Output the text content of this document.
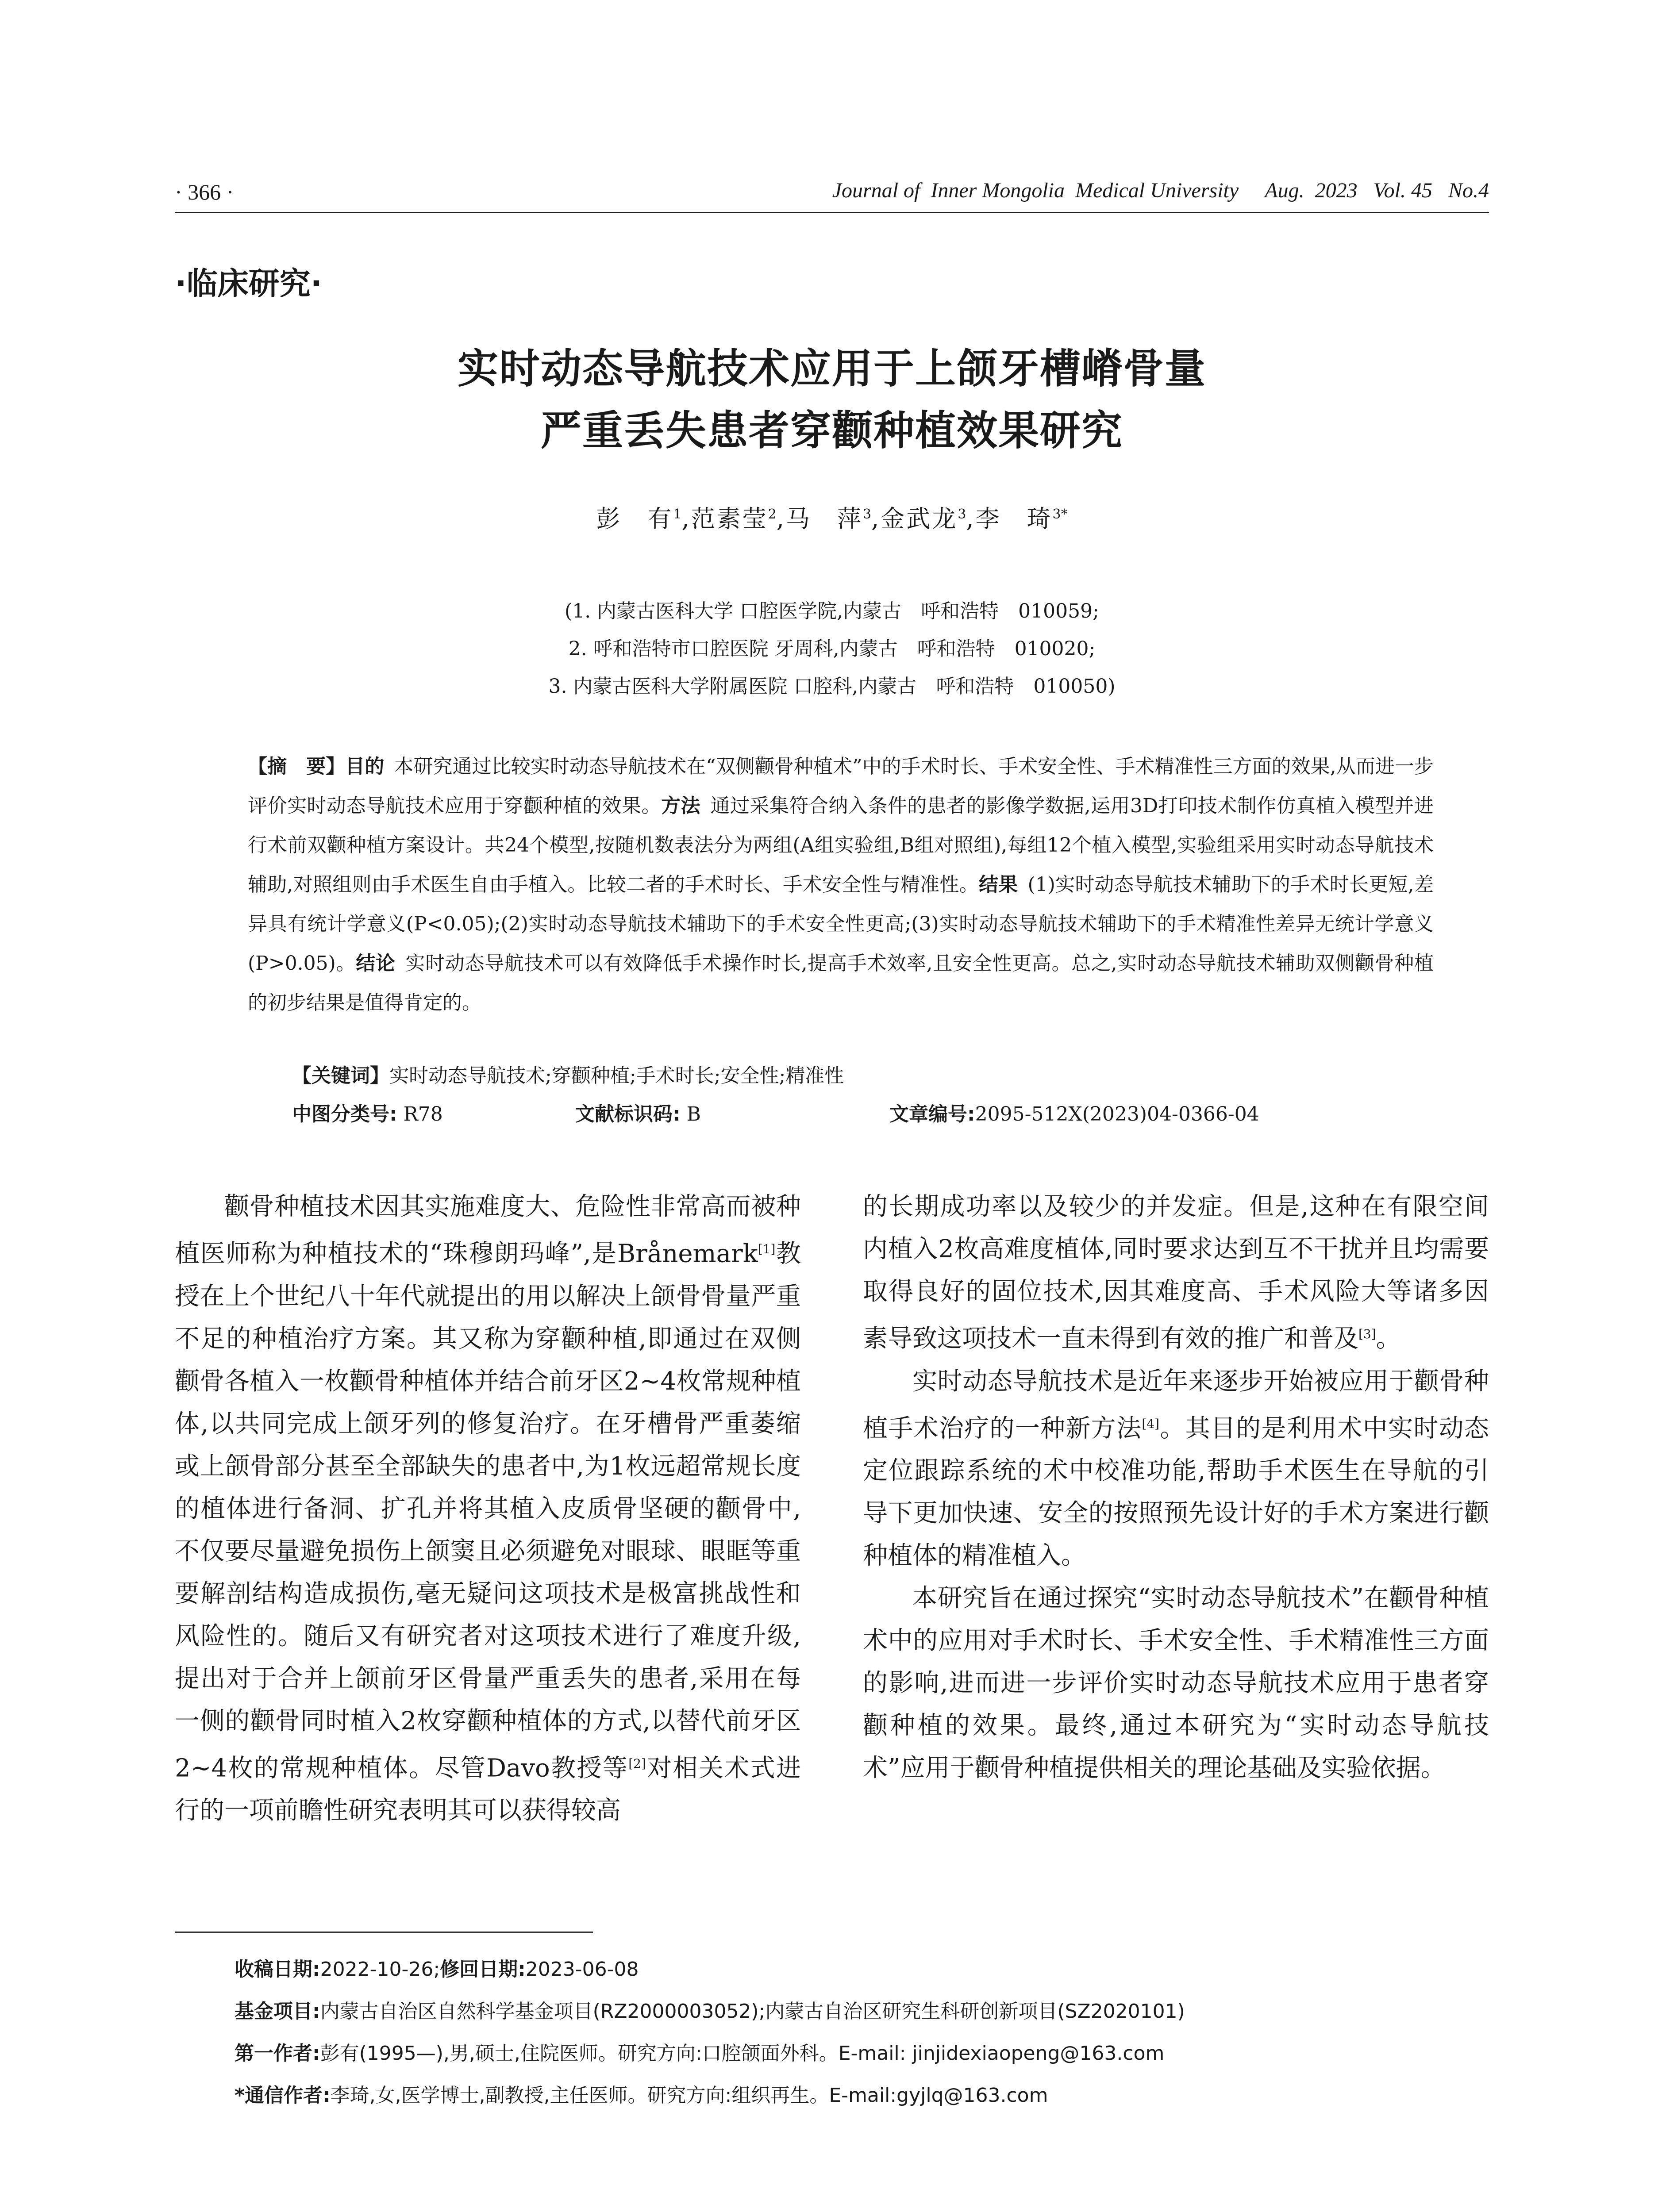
· 366 ·	Journal of  Inner Mongolia  Medical University     Aug.  2023   Vol. 45   No.4
·临床研究·
实时动态导航技术应用于上颌牙槽嵴骨量
严重丢失患者穿颧种植效果研究
彭　有$^1$,范素莹$^2$,马　萍$^3$,金武龙$^3$,李　琦$^{3*}$
(1. 内蒙古医科大学 口腔医学院,内蒙古　呼和浩特　010059;
2. 呼和浩特市口腔医院 牙周科,内蒙古　呼和浩特　010020;
3. 内蒙古医科大学附属医院 口腔科,内蒙古　呼和浩特　010050)
【摘　要】目的  本研究通过比较实时动态导航技术在“双侧颧骨种植术”中的手术时长、手术安全性、手术精准性三方面的效果,从而进一步评价实时动态导航技术应用于穿颧种植的效果。方法  通过采集符合纳入条件的患者的影像学数据,运用3D打印技术制作仿真植入模型并进行术前双颧种植方案设计。共24个模型,按随机数表法分为两组(A组实验组,B组对照组),每组12个植入模型,实验组采用实时动态导航技术辅助,对照组则由手术医生自由手植入。比较二者的手术时长、手术安全性与精准性。结果  (1)实时动态导航技术辅助下的手术时长更短,差异具有统计学意义(P<0.05);(2)实时动态导航技术辅助下的手术安全性更高;(3)实时动态导航技术辅助下的手术精准性差异无统计学意义(P>0.05)。结论  实时动态导航技术可以有效降低手术操作时长,提高手术效率,且安全性更高。总之,实时动态导航技术辅助双侧颧骨种植的初步结果是值得肯定的。
【关键词】实时动态导航技术;穿颧种植;手术时长;安全性;精准性
中图分类号: R78	文献标识码: B	文章编号:2095-512X(2023)04-0366-04

颧骨种植技术因其实施难度大、危险性非常高而被种植医师称为种植技术的“珠穆朗玛峰”,是Brånemark[1]教授在上个世纪八十年代就提出的用以解决上颌骨骨量严重不足的种植治疗方案。其又称为穿颧种植,即通过在双侧颧骨各植入一枚颧骨种植体并结合前牙区2~4枚常规种植体,以共同完成上颌牙列的修复治疗。在牙槽骨严重萎缩或上颌骨部分甚至全部缺失的患者中,为1枚远超常规长度的植体进行备洞、扩孔并将其植入皮质骨坚硬的颧骨中,不仅要尽量避免损伤上颌窦且必须避免对眼球、眼眶等重要解剖结构造成损伤,毫无疑问这项技术是极富挑战性和风险性的。随后又有研究者对这项技术进行了难度升级,提出对于合并上颌前牙区骨量严重丢失的患者,采用在每一侧的颧骨同时植入2枚穿颧种植体的方式,以替代前牙区2~4枚的常规种植体。尽管Davo教授等[2]对相关术式进行的一项前瞻性研究表明其可以获得较高

的长期成功率以及较少的并发症。但是,这种在有限空间内植入2枚高难度植体,同时要求达到互不干扰并且均需要取得良好的固位技术,因其难度高、手术风险大等诸多因素导致这项技术一直未得到有效的推广和普及[3]。

实时动态导航技术是近年来逐步开始被应用于颧骨种植手术治疗的一种新方法[4]。其目的是利用术中实时动态定位跟踪系统的术中校准功能,帮助手术医生在导航的引导下更加快速、安全的按照预先设计好的手术方案进行颧种植体的精准植入。

本研究旨在通过探究“实时动态导航技术”在颧骨种植术中的应用对手术时长、手术安全性、手术精准性三方面的影响,进而进一步评价实时动态导航技术应用于患者穿颧种植的效果。最终,通过本研究为“实时动态导航技术”应用于颧骨种植提供相关的理论基础及实验依据。

收稿日期:2022-10-26;修回日期:2023-06-08
基金项目:内蒙古自治区自然科学基金项目(RZ2000003052);内蒙古自治区研究生科研创新项目(SZ2020101)
第一作者:彭有(1995—),男,硕士,住院医师。研究方向:口腔颌面外科。E-mail: jinjidexiaopeng@163.com
*通信作者:李琦,女,医学博士,副教授,主任医师。研究方向:组织再生。E-mail:gyjlq@163.com
